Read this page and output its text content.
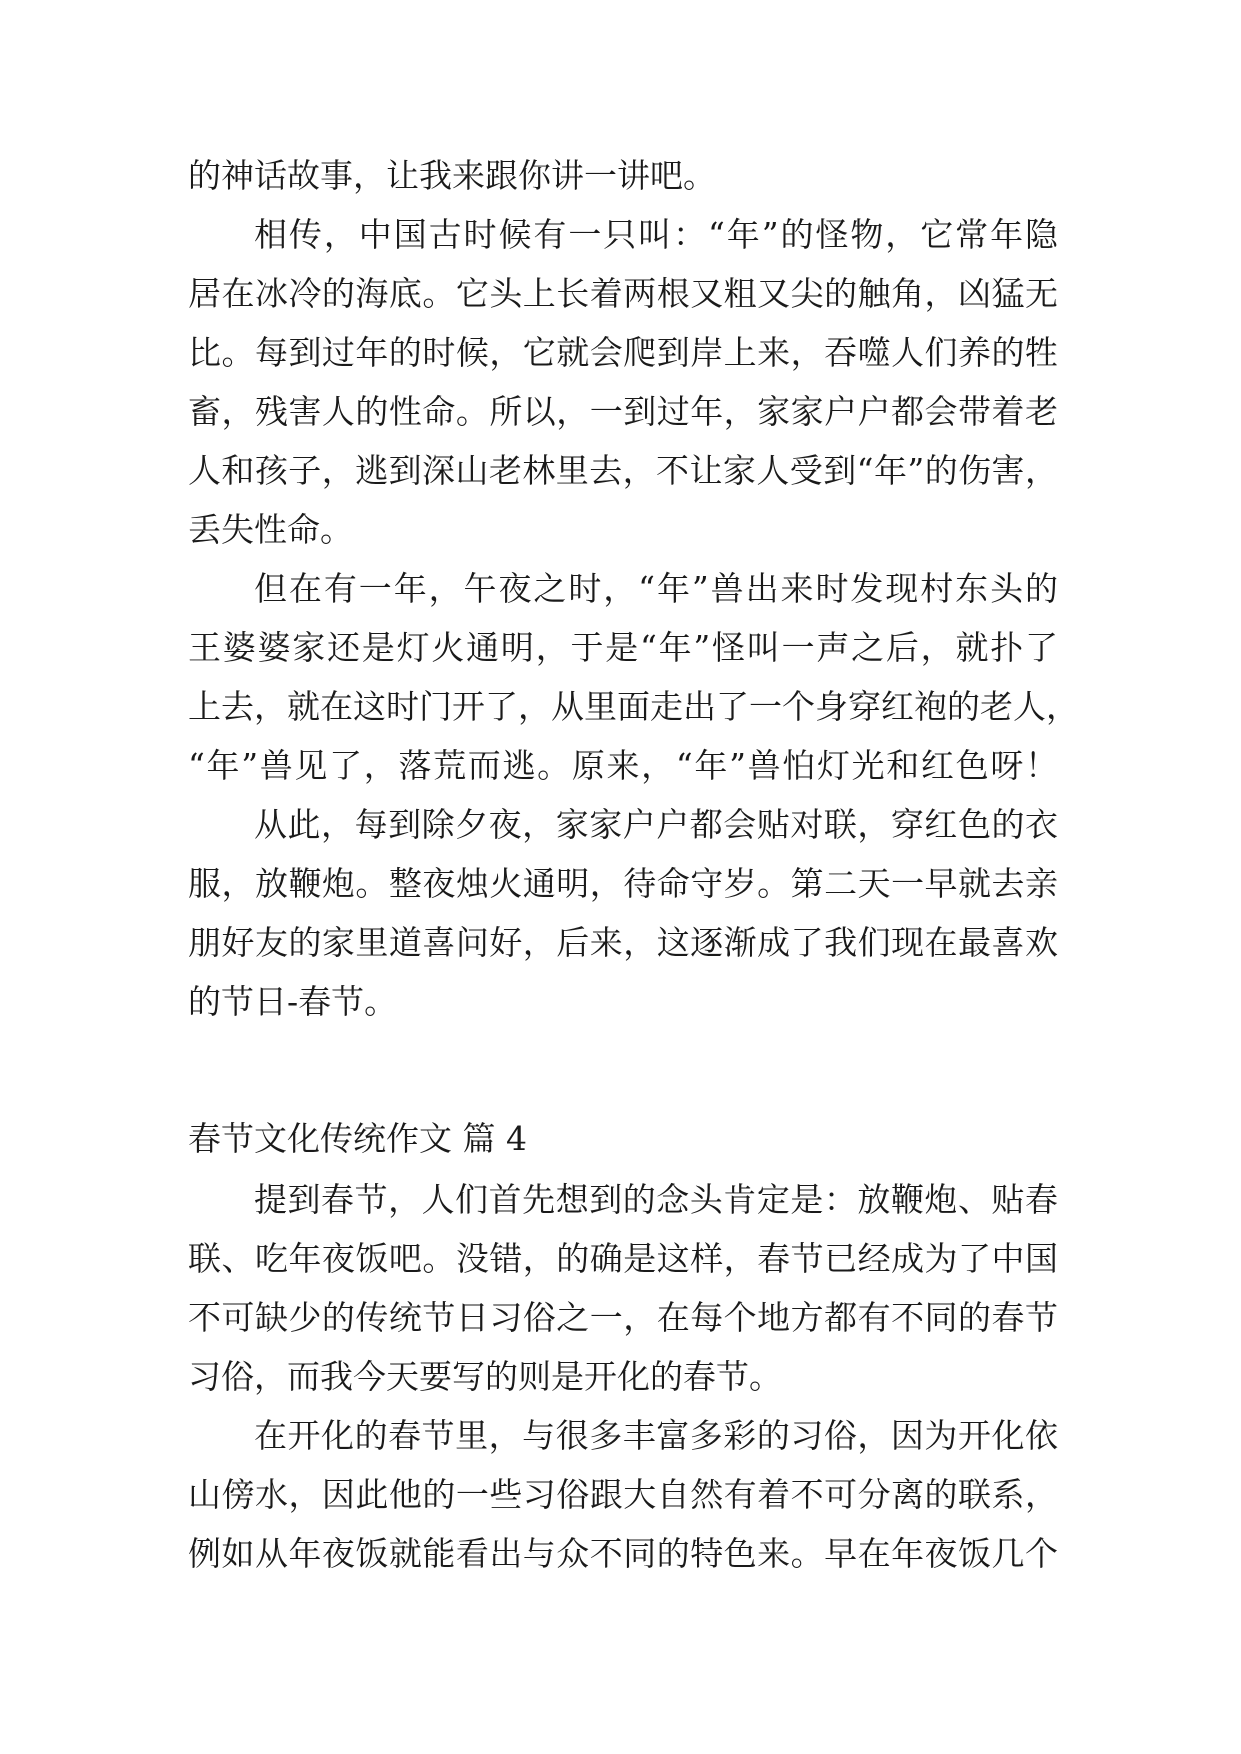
的神话故事，让我来跟你讲一讲吧。
相传，中国古时候有一只叫：“年”的怪物，它常年隐
居在冰冷的海底。它头上长着两根又粗又尖的触角，凶猛无
比。每到过年的时候，它就会爬到岸上来，吞噬人们养的牲
畜，残害人的性命。所以，一到过年，家家户户都会带着老
人和孩子，逃到深山老林里去，不让家人受到“年”的伤害，
丢失性命。
但在有一年，午夜之时，“年”兽出来时发现村东头的
王婆婆家还是灯火通明，于是“年”怪叫一声之后，就扑了
上去，就在这时门开了，从里面走出了一个身穿红袍的老人，
“年”兽见了，落荒而逃。原来，“年”兽怕灯光和红色呀！
从此，每到除夕夜，家家户户都会贴对联，穿红色的衣
服，放鞭炮。整夜烛火通明，待命守岁。第二天一早就去亲
朋好友的家里道喜问好，后来，这逐渐成了我们现在最喜欢
的节日-春节。
春节文化传统作文 篇 4
提到春节，人们首先想到的念头肯定是：放鞭炮、贴春
联、吃年夜饭吧。没错，的确是这样，春节已经成为了中国
不可缺少的传统节日习俗之一，在每个地方都有不同的春节
习俗，而我今天要写的则是开化的春节。
在开化的春节里，与很多丰富多彩的习俗，因为开化依
山傍水，因此他的一些习俗跟大自然有着不可分离的联系，
例如从年夜饭就能看出与众不同的特色来。早在年夜饭几个
